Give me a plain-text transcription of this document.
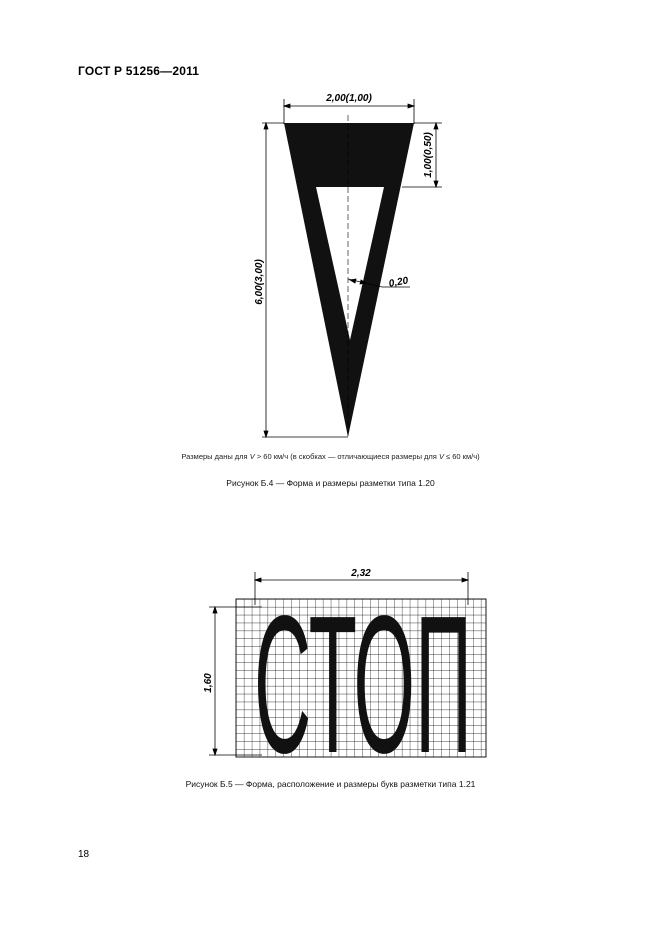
ГОСТ Р 51256—2011
2,00(1,00)
1,00(0,50)
6,00(3,00)	0,20
Размеры даны для V > 60 км/ч (в скобках — отличающиеся размеры для V ≤ 60 км/ч)
Рисунок Б.4 — Форма и размеры разметки типа 1.20
СТОП
2,32
1,60
Рисунок Б.5 — Форма, расположение и размеры букв разметки типа 1.21
18
